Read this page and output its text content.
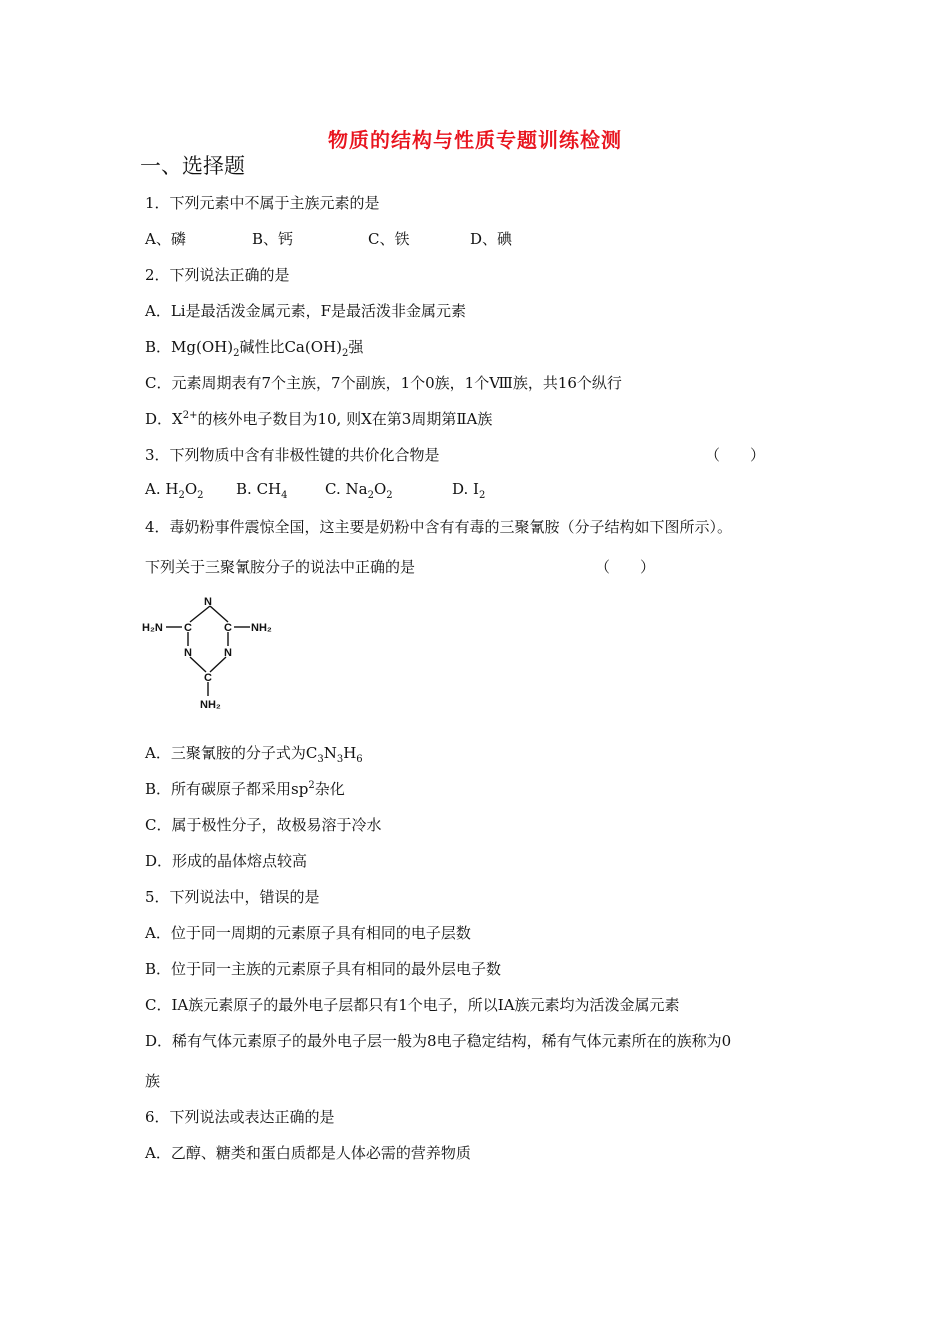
物质的结构与性质专题训练检测
一、选择题
1．下列元素中不属于主族元素的是
A、磷	B、钙	C、铁	D、碘
2．下列说法正确的是
A．Li是最活泼金属元素，F是最活泼非金属元素
B．$Mg(OH)_2$碱性比$Ca(OH)_2$强
C．元素周期表有7个主族，7个副族，1个0族，1个Ⅷ族，共16个纵行
D．$X^{2+}$的核外电子数目为10, 则X在第3周期第ⅡA族
3．下列物质中含有非极性键的共价化合物是	（　　）
A. $H_2O_2$ B. $CH_4$	C. $Na_2O_2$	D. $I_2$
4．毒奶粉事件震惊全国，这主要是奶粉中含有有毒的三聚氰胺（分子结构如下图所示）。
下列关于三聚氰胺分子的说法中正确的是	（　　）
N
C	C
N	N
C
H₂N	NH₂
NH₂
A．三聚氰胺的分子式为$C_3N_3H_6$
B．所有碳原子都采用$sp^2$杂化
C．属于极性分子，故极易溶于冷水
D．形成的晶体熔点较高
5．下列说法中，错误的是
A．位于同一周期的元素原子具有相同的电子层数
B．位于同一主族的元素原子具有相同的最外层电子数
C．IA族元素原子的最外电子层都只有1个电子，所以IA族元素均为活泼金属元素
D．稀有气体元素原子的最外电子层一般为8电子稳定结构，稀有气体元素所在的族称为0
族
6．下列说法或表达正确的是
A．乙醇、糖类和蛋白质都是人体必需的营养物质
